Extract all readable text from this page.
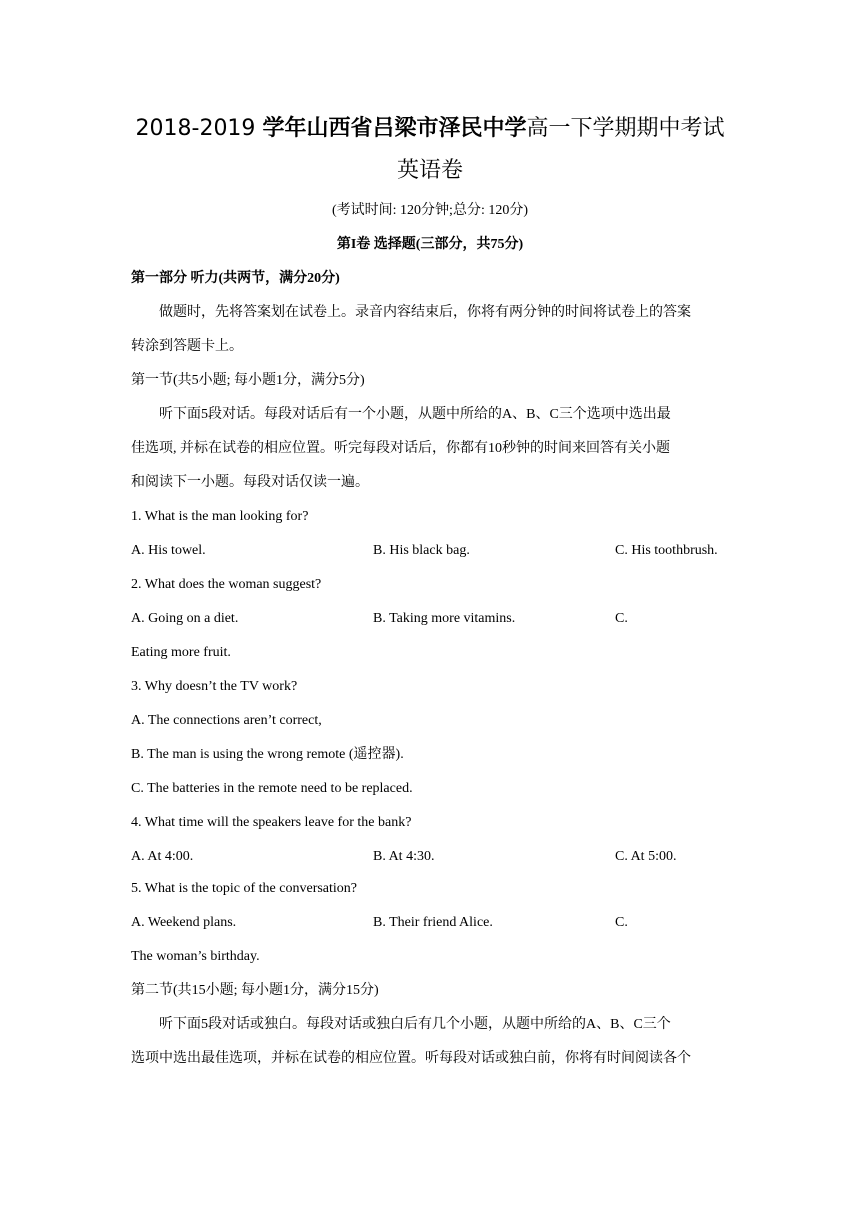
2018-2019 学年山西省吕梁市泽民中学高一下学期期中考试
英语卷
(考试时间: 120分钟;总分: 120分)
第I卷 选择题(三部分，共75分)
第一部分 听力(共两节，满分20分)
做题时，先将答案划在试卷上。录音内容结束后，你将有两分钟的时间将试卷上的答案
转涂到答题卡上。
第一节(共5小题; 每小题1分，满分5分)
听下面5段对话。每段对话后有一个小题，从题中所给的A、B、C三个选项中选出最
佳选项, 并标在试卷的相应位置。听完每段对话后，你都有10秒钟的时间来回答有关小题
和阅读下一小题。每段对话仅读一遍。
1. What is the man looking for?
A. His towel.	B. His black bag.	C. His toothbrush.
2. What does the woman suggest?
A. Going on a diet.	B. Taking more vitamins.	C.
Eating more fruit.
3. Why doesn’t the TV work?
A. The connections aren’t correct,
B. The man is using the wrong remote (遥控器).
C. The batteries in the remote need to be replaced.
4. What time will the speakers leave for the bank?
A. At 4:00.	B. At 4:30.	C. At 5:00.
5. What is the topic of the conversation?
A. Weekend plans.	B. Their friend Alice.	C.
The woman’s birthday.
第二节(共15小题; 每小题1分，满分15分)
听下面5段对话或独白。每段对话或独白后有几个小题，从题中所给的A、B、C三个
选项中选出最佳选项，并标在试卷的相应位置。听每段对话或独白前，你将有时间阅读各个
